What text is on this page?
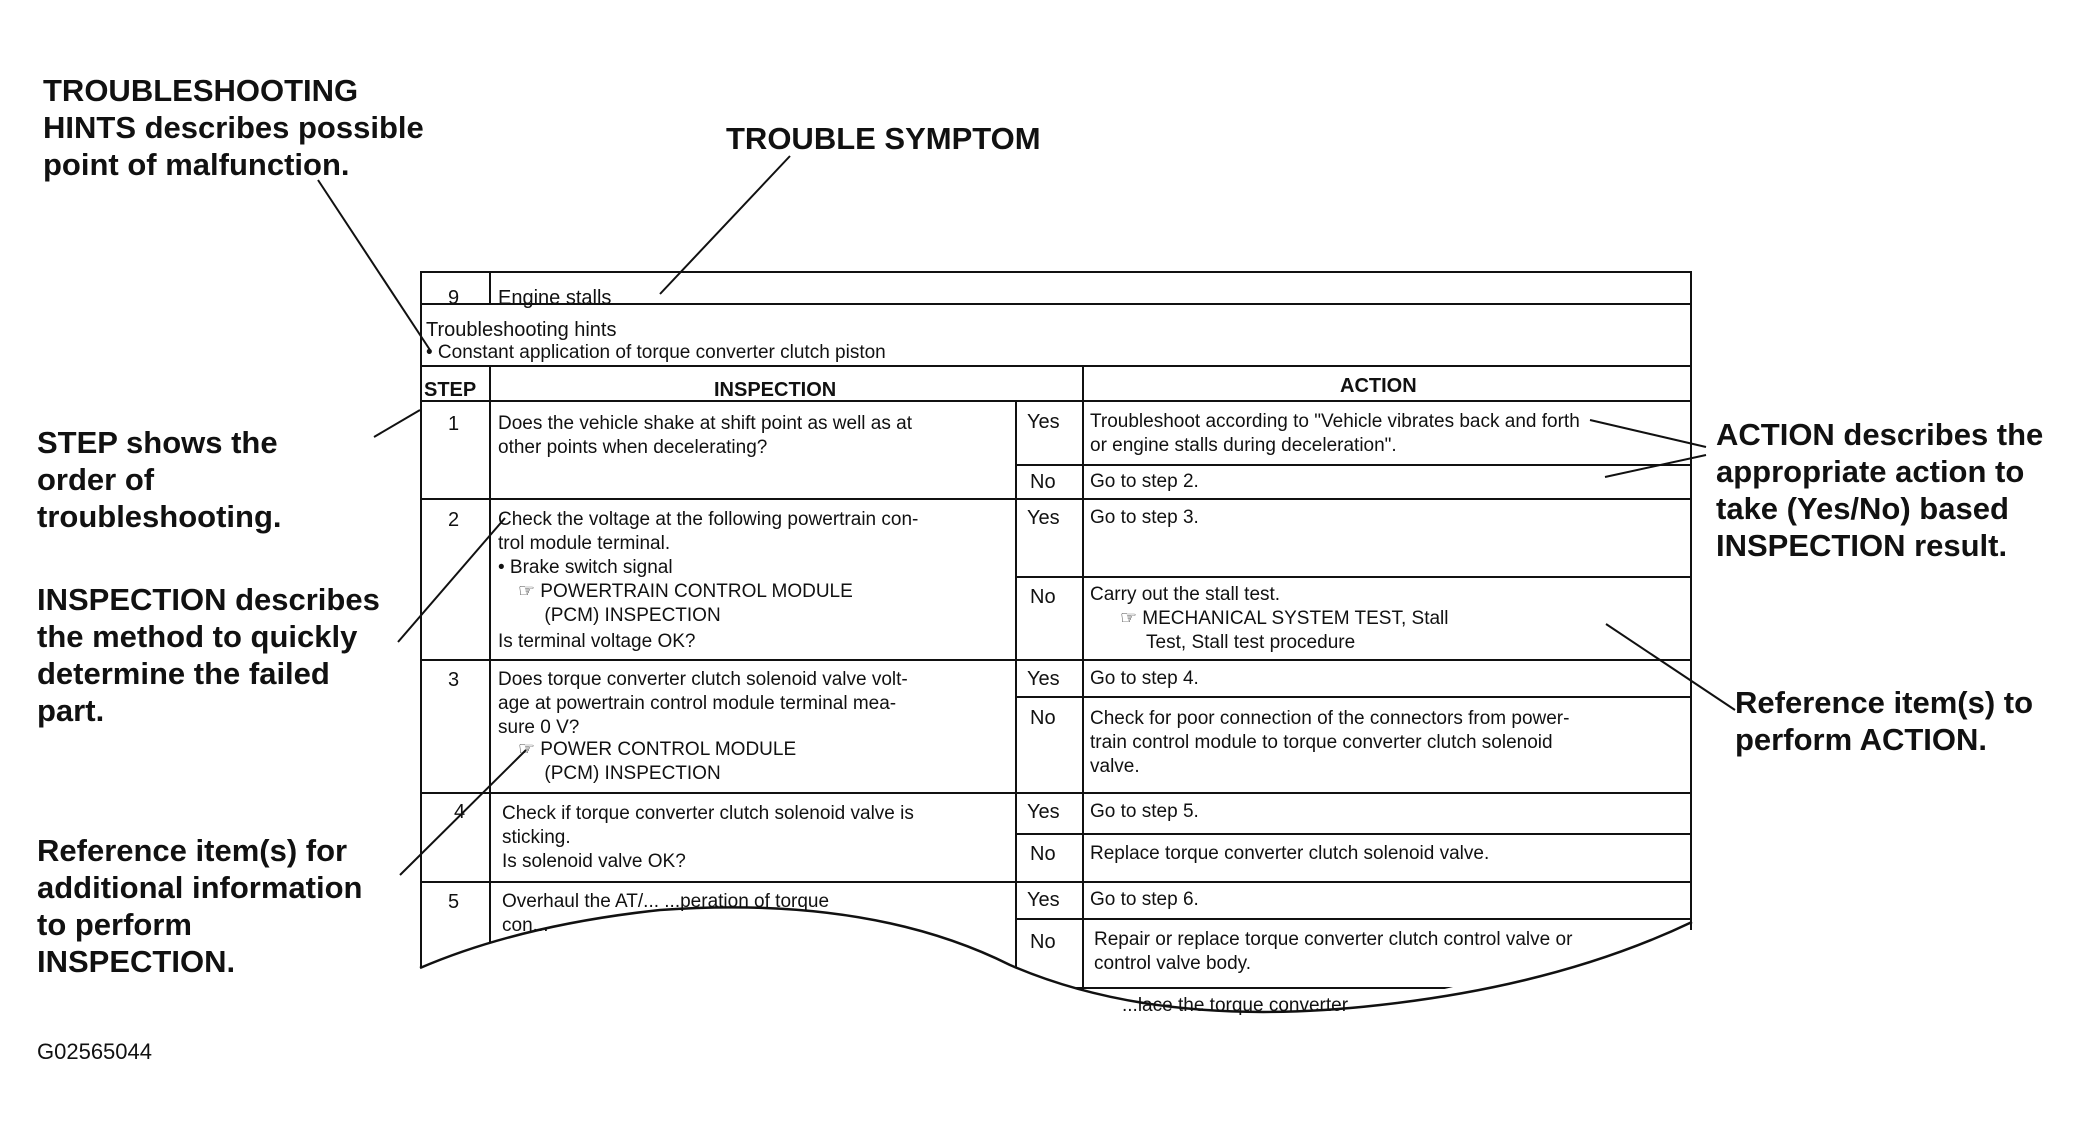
TROUBLESHOOTING
HINTS describes possible
point of malfunction.
TROUBLE SYMPTOM
STEP shows the
order of
troubleshooting.
INSPECTION describes
the method to quickly
determine the failed
part.
Reference item(s) for
additional information
to perform
INSPECTION.
ACTION describes the
appropriate action to
take (Yes/No) based
INSPECTION result.
Reference item(s) to
perform ACTION.
9 Engine stalls
Troubleshooting hints
• Constant application of torque converter clutch piston
STEP	INSPECTION	ACTION
1 Does the vehicle shake at shift point as well as at
other points when decelerating?
Yes Troubleshoot according to "Vehicle vibrates back and forth
or engine stalls during deceleration".
No Go to step 2.
2 Check the voltage at the following powertrain con-
trol module terminal.
• Brake switch signal
☞ POWERTRAIN CONTROL MODULE
(PCM) INSPECTION
Is terminal voltage OK?
Yes Go to step 3.
No Carry out the stall test.
☞ MECHANICAL SYSTEM TEST, Stall
Test, Stall test procedure
3 Does torque converter clutch solenoid valve volt-
age at powertrain control module terminal mea-
sure 0 V?
☞ POWER CONTROL MODULE
(PCM) INSPECTION
Yes Go to step 4.
No Check for poor connection of the connectors from power-
train control module to torque converter clutch solenoid
valve.
4 Check if torque converter clutch solenoid valve is
sticking.
Is solenoid valve OK?
Yes Go to step 5.
No Replace torque converter clutch solenoid valve.
5 Overhaul the AT/... ...peration of torque
con...
Yes Go to step 6.
No Repair or replace torque converter clutch control valve or
control valve body.
...lace the torque converter
G02565044
